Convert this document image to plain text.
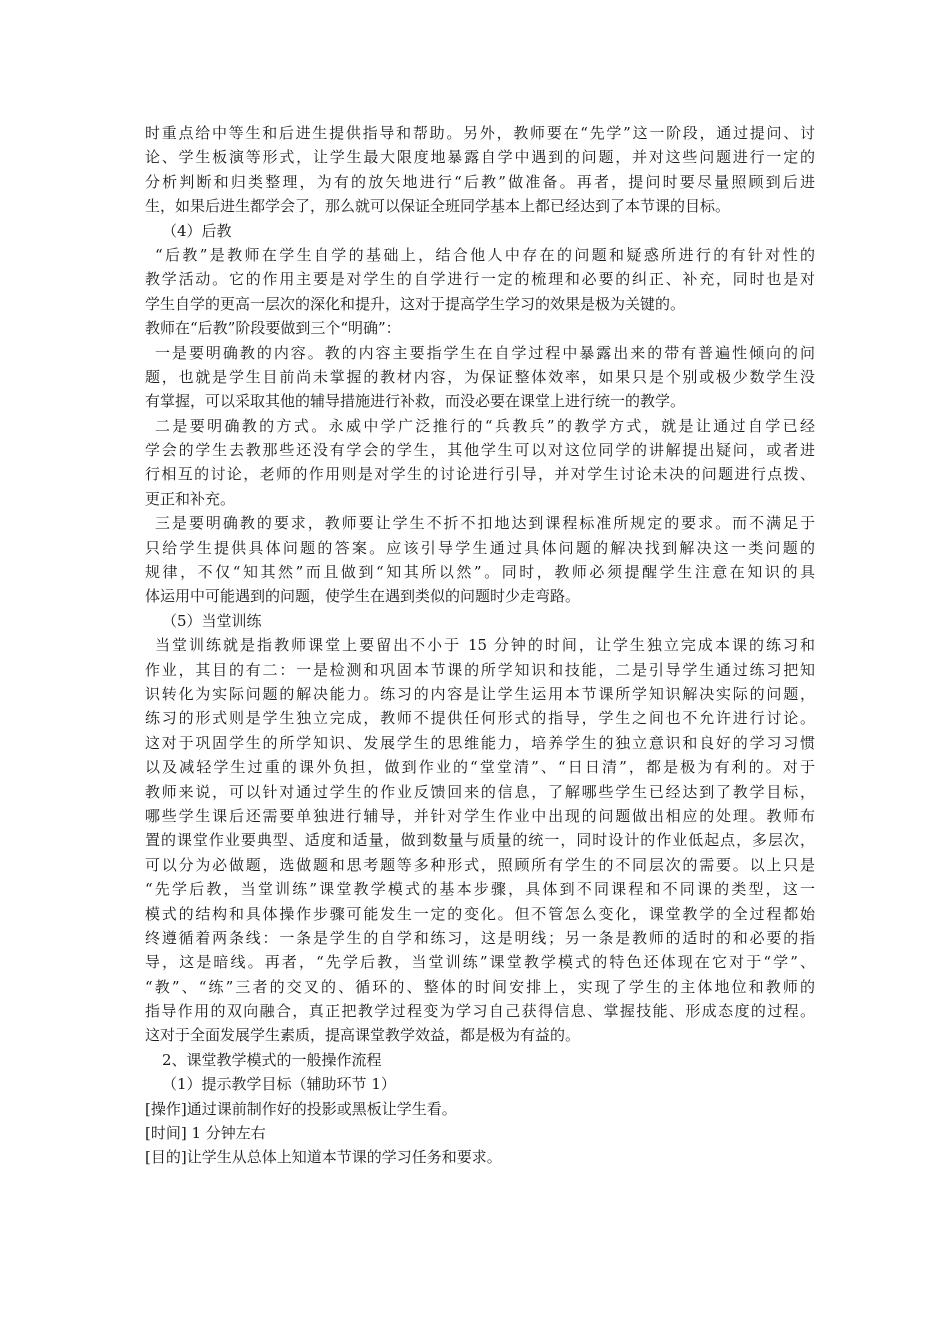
时重点给中等生和后进生提供指导和帮助。另外，教师要在“先学”这一阶段，通过提问、讨
论、学生板演等形式，让学生最大限度地暴露自学中遇到的问题，并对这些问题进行一定的
分析判断和归类整理，为有的放矢地进行“后教”做准备。再者，提问时要尽量照顾到后进
生，如果后进生都学会了，那么就可以保证全班同学基本上都已经达到了本节课的目标。
（4）后教
“后教”是教师在学生自学的基础上，结合他人中存在的问题和疑惑所进行的有针对性的
教学活动。它的作用主要是对学生的自学进行一定的梳理和必要的纠正、补充，同时也是对
学生自学的更高一层次的深化和提升，这对于提高学生学习的效果是极为关键的。
教师在“后教”阶段要做到三个“明确”：
一是要明确教的内容。教的内容主要指学生在自学过程中暴露出来的带有普遍性倾向的问
题，也就是学生目前尚未掌握的教材内容，为保证整体效率，如果只是个别或极少数学生没
有掌握，可以采取其他的辅导措施进行补救，而没必要在课堂上进行统一的教学。
二是要明确教的方式。永威中学广泛推行的“兵教兵”的教学方式，就是让通过自学已经
学会的学生去教那些还没有学会的学生，其他学生可以对这位同学的讲解提出疑问，或者进
行相互的讨论，老师的作用则是对学生的讨论进行引导，并对学生讨论未决的问题进行点拨、
更正和补充。
三是要明确教的要求，教师要让学生不折不扣地达到课程标准所规定的要求。而不满足于
只给学生提供具体问题的答案。应该引导学生通过具体问题的解决找到解决这一类问题的
规律，不仅“知其然”而且做到“知其所以然”。同时，教师必须提醒学生注意在知识的具
体运用中可能遇到的问题，使学生在遇到类似的问题时少走弯路。
（5）当堂训练
当堂训练就是指教师课堂上要留出不小于 15 分钟的时间，让学生独立完成本课的练习和
作业，其目的有二：一是检测和巩固本节课的所学知识和技能，二是引导学生通过练习把知
识转化为实际问题的解决能力。练习的内容是让学生运用本节课所学知识解决实际的问题，
练习的形式则是学生独立完成，教师不提供任何形式的指导，学生之间也不允许进行讨论。
这对于巩固学生的所学知识、发展学生的思维能力，培养学生的独立意识和良好的学习习惯
以及减轻学生过重的课外负担，做到作业的“堂堂清”、“日日清”，都是极为有利的。对于
教师来说，可以针对通过学生的作业反馈回来的信息，了解哪些学生已经达到了教学目标，
哪些学生课后还需要单独进行辅导，并针对学生作业中出现的问题做出相应的处理。教师布
置的课堂作业要典型、适度和适量，做到数量与质量的统一，同时设计的作业低起点，多层次，
可以分为必做题，选做题和思考题等多种形式，照顾所有学生的不同层次的需要。以上只是
“先学后教，当堂训练”课堂教学模式的基本步骤，具体到不同课程和不同课的类型，这一
模式的结构和具体操作步骤可能发生一定的变化。但不管怎么变化，课堂教学的全过程都始
终遵循着两条线：一条是学生的自学和练习，这是明线；另一条是教师的适时的和必要的指
导，这是暗线。再者，“先学后教，当堂训练”课堂教学模式的特色还体现在它对于“学”、
“教”、“练”三者的交叉的、循环的、整体的时间安排上，实现了学生的主体地位和教师的
指导作用的双向融合，真正把教学过程变为学习自己获得信息、掌握技能、形成态度的过程。
这对于全面发展学生素质，提高课堂教学效益，都是极为有益的。
2、课堂教学模式的一般操作流程
（1）提示教学目标（辅助环节 1）
[操作]通过课前制作好的投影或黑板让学生看。
[时间] 1 分钟左右
[目的]让学生从总体上知道本节课的学习任务和要求。
